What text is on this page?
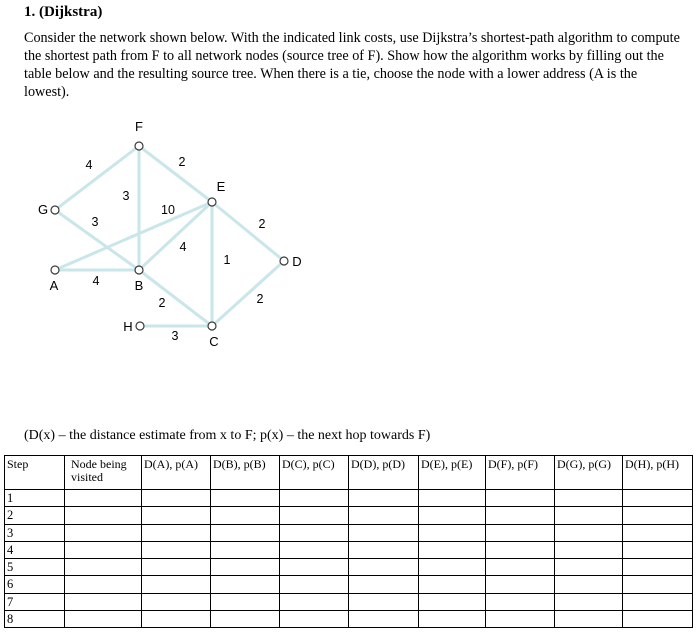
1. (Dijkstra)
Consider the network shown below. With the indicated link costs, use Dijkstra’s shortest-path algorithm to compute the shortest path from F to all network nodes (source tree of F). Show how the algorithm works by filling out the table below and the resulting source tree. When there is a tie, choose the node with a lower address (A is the lowest).
4
3
3
2
10
4
4
2
1
2
2
3
A	B
C
D
E
F
G
H
(D(x) – the distance estimate from x to F; p(x) – the next hop towards F)
Step	Node being visited	D(A), p(A)	D(B), p(B)	D(C), p(C)	D(D), p(D)	D(E), p(E)	D(F), p(F)	D(G), p(G)	D(H), p(H)
1									
2									
3									
4									
5									
6									
7									
8									
